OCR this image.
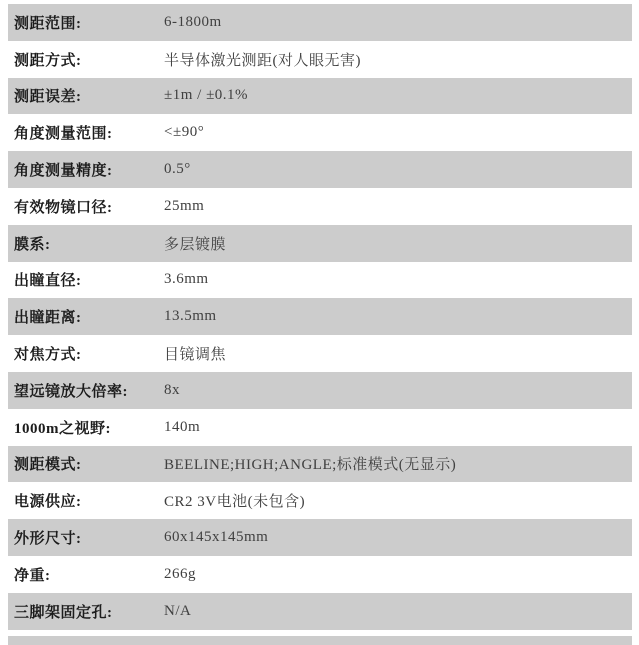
测距范围:	6-1800m
测距方式:	半导体激光测距(对人眼无害)
测距误差:	±1m / ±0.1%
角度测量范围:	<±90°
角度测量精度:	0.5°
有效物镜口径:	25mm
膜系:	多层镀膜
出瞳直径:	3.6mm
出瞳距离:	13.5mm
对焦方式:	目镜调焦
望远镜放大倍率:	8x
1000m之视野:	140m
测距模式:	BEELINE;HIGH;ANGLE;标准模式(无显示)
电源供应:	CR2 3V电池(未包含)
外形尺寸:	60x145x145mm
净重:	266g
三脚架固定孔:	N/A
